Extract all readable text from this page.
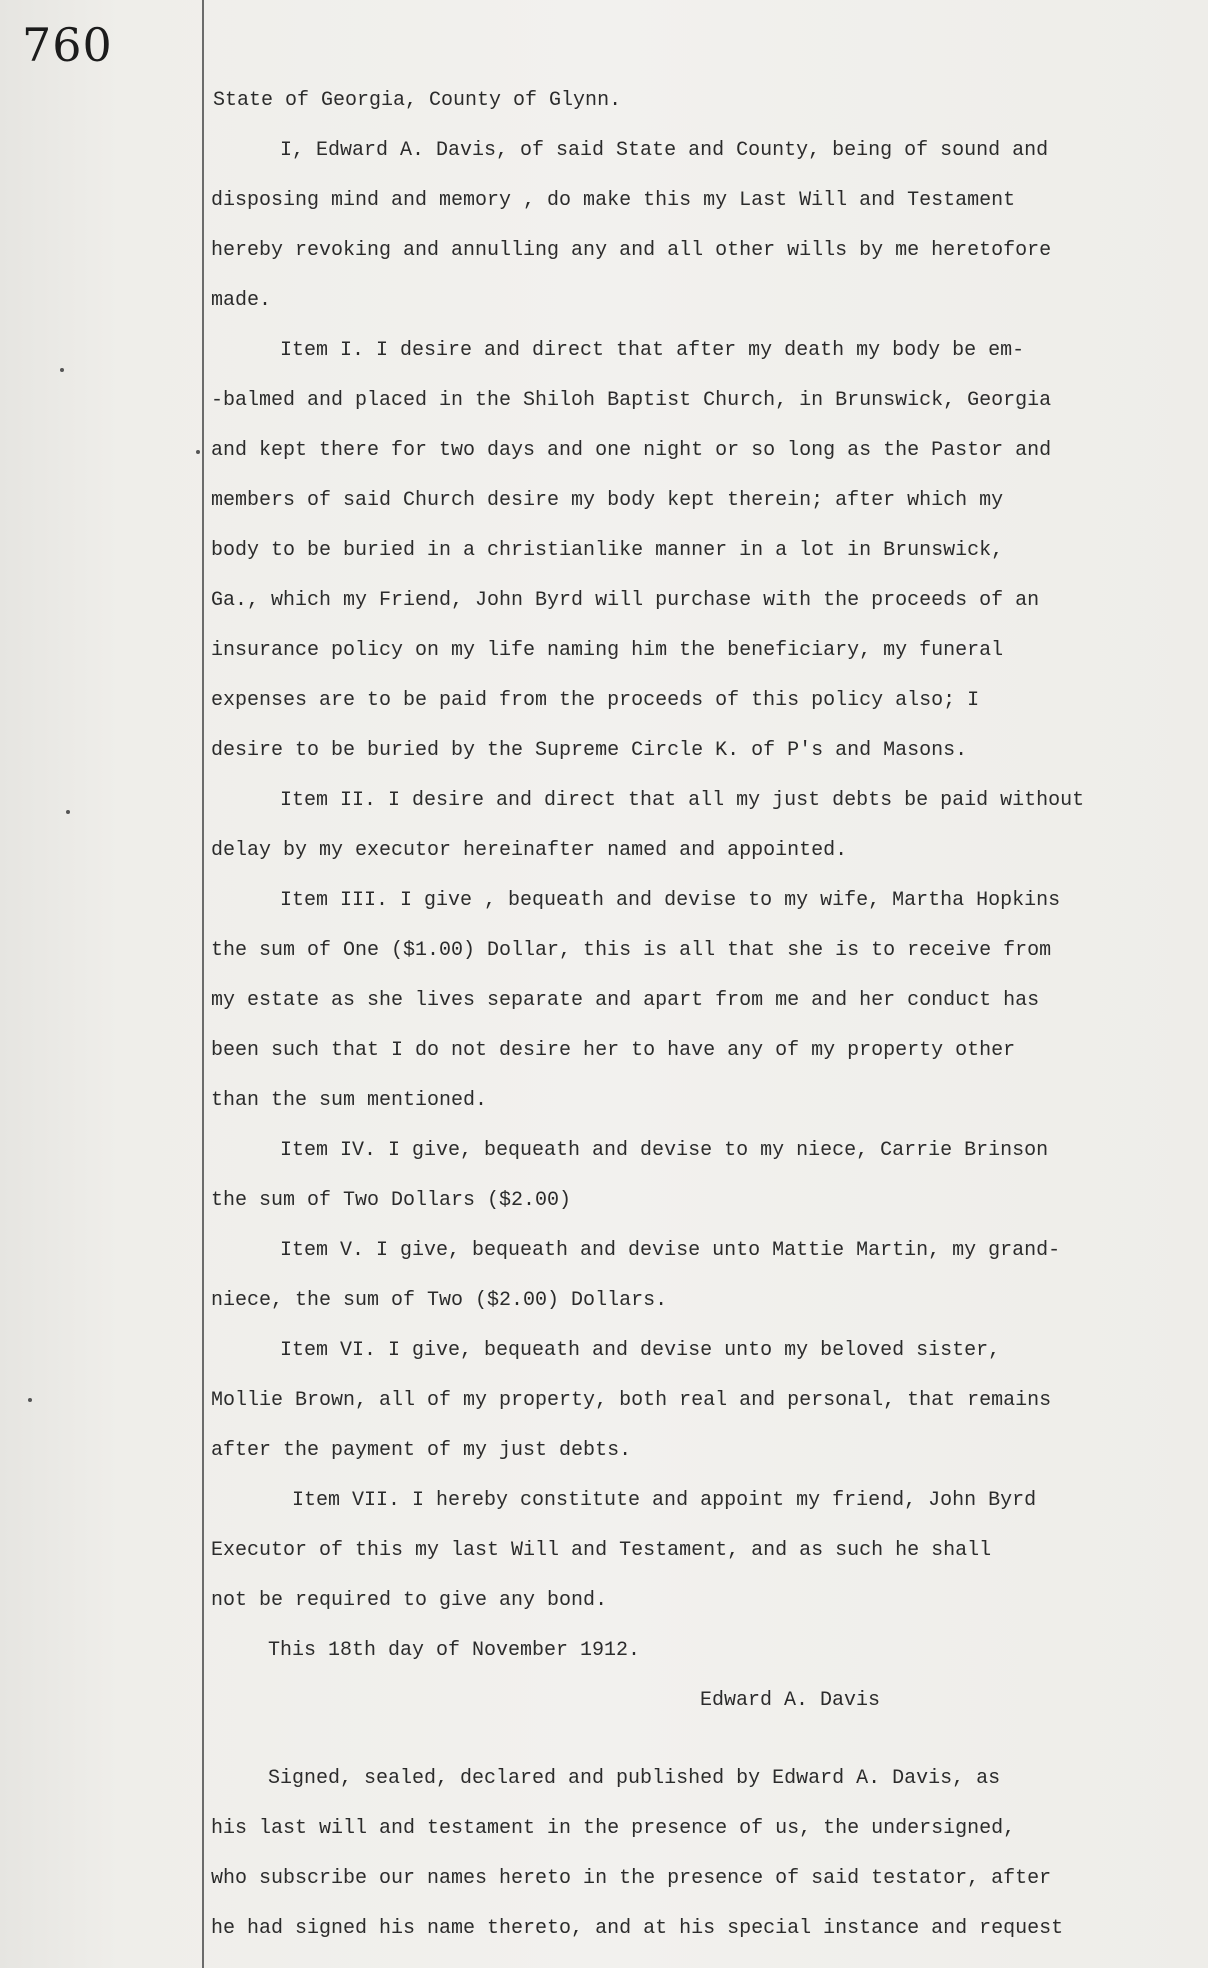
760
State of Georgia, County of Glynn.
I, Edward A. Davis, of said State and County, being of sound and
disposing mind and memory , do make this my Last Will and Testament
hereby revoking and annulling any and all other wills by me heretofore
made.
Item I. I desire and direct that after my death my body be em-
-balmed and placed in the Shiloh Baptist Church, in Brunswick, Georgia
and kept there for two days and one night or so long as the Pastor and
members of said Church desire my body kept therein; after which my
body to be buried in a christianlike manner in a lot in Brunswick,
Ga., which my Friend, John Byrd will purchase with the proceeds of an
insurance policy on my life naming him the beneficiary, my funeral
expenses are to be paid from the proceeds of this policy also; I
desire to be buried by the Supreme Circle K. of P's and Masons.
Item II. I desire and direct that all my just debts be paid without
delay by my executor hereinafter named and appointed.
Item III. I give , bequeath and devise to my wife, Martha Hopkins
the sum of One ($1.00) Dollar, this is all that she is to receive from
my estate as she lives separate and apart from me and her conduct has
been such that I do not desire her to have any of my property other
than the sum mentioned.
Item IV. I give, bequeath and devise to my niece, Carrie Brinson
the sum of Two Dollars ($2.00)
Item V. I give, bequeath and devise unto Mattie Martin, my grand-
niece, the sum of Two ($2.00) Dollars.
Item VI. I give, bequeath and devise unto my beloved sister,
Mollie Brown, all of my property, both real and personal, that remains
after the payment of my just debts.
Item VII. I hereby constitute and appoint my friend, John Byrd
Executor of this my last Will and Testament, and as such he shall
not be required to give any bond.
This 18th day of November 1912.
Edward A. Davis
Signed, sealed, declared and published by Edward A. Davis, as
his last will and testament in the presence of us, the undersigned,
who subscribe our names hereto in the presence of said testator, after
he had signed his name thereto, and at his special instance and request
